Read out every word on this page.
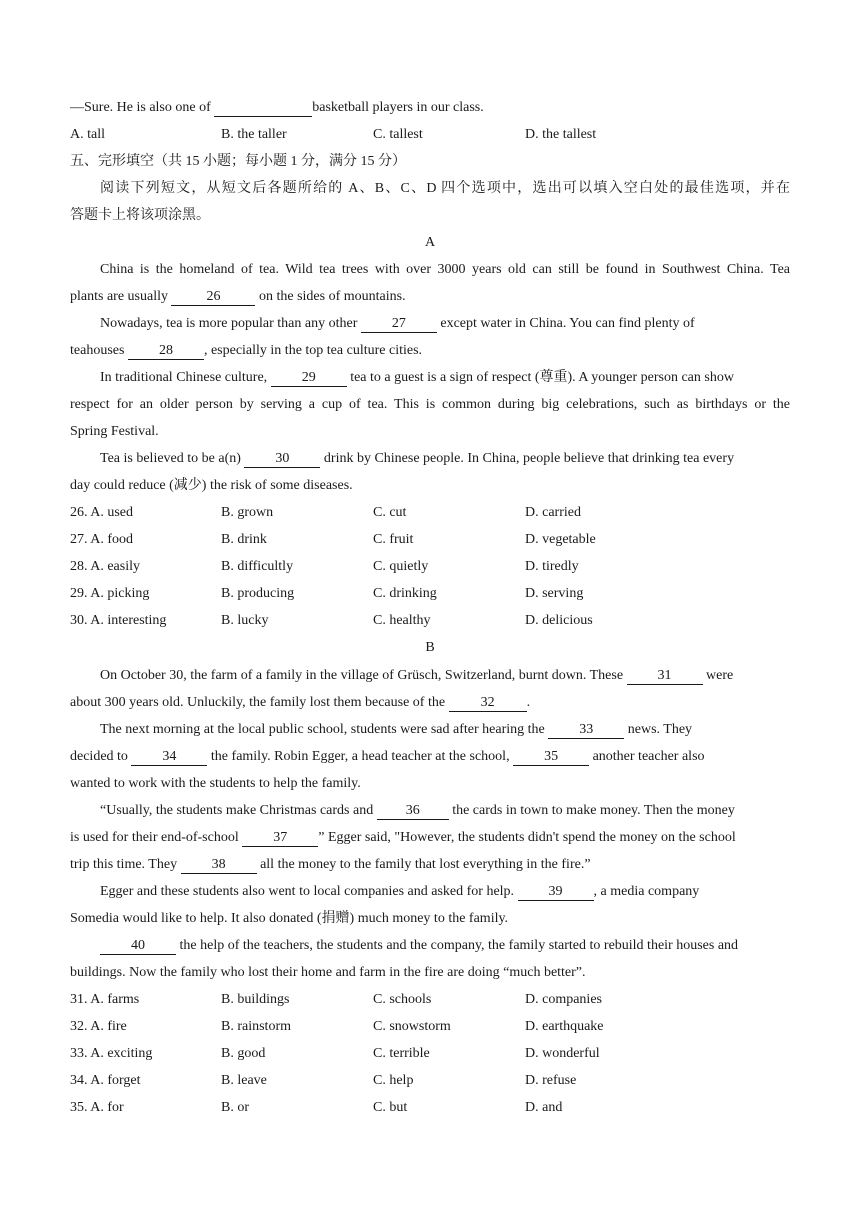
—Sure. He is also one of	basketball players in our class.
A. tall	B. the taller	C. tallest	D. the tallest
五、完形填空（共 15 小题；每小题 1 分，满分 15 分）
阅读下列短文，从短文后各题所给的 A、B、C、D 四个选项中，选出可以填入空白处的最佳选项，并在
答题卡上将该项涂黑。
A
China is the homeland of tea. Wild tea trees with over 3000 years old can still be found in Southwest China. Tea
plants are usually	26	on the sides of mountains.
Nowadays, tea is more popular than any other 27 except water in China. You can find plenty of
teahouses 28 , especially in the top tea culture cities.
In traditional Chinese culture, 29 tea to a guest is a sign of respect (尊重). A younger person can show
respect for an older person by serving a cup of tea. This is common during big celebrations, such as birthdays or the
Spring Festival.
Tea is believed to be a(n) 30 drink by Chinese people. In China, people believe that drinking tea every
day could reduce (减少) the risk of some diseases.
26. A. used	B. grown	C. cut	D. carried
27. A. food	B. drink	C. fruit	D. vegetable
28. A. easily	B. difficultly	C. quietly	D. tiredly
29. A. picking	B. producing	C. drinking	D. serving
30. A. interesting	B. lucky	C. healthy	D. delicious
B
On October 30, the farm of a family in the village of Grüsch, Switzerland, burnt down. These 31 were
about 300 years old. Unluckily, the family lost them because of the 32 .
The next morning at the local public school, students were sad after hearing the 33 news. They
decided to 34 the family. Robin Egger, a head teacher at the school, 35 another teacher also
wanted to work with the students to help the family.
“Usually, the students make Christmas cards and 36 the cards in town to make money. Then the money
is used for their end-of-school 37 ” Egger said, "However, the students didn't spend the money on the school
trip this time. They 38 all the money to the family that lost everything in the fire.”
Egger and these students also went to local companies and asked for help. 39 , a media company
Somedia would like to help. It also donated (捐赠) much money to the family.
40 the help of the teachers, the students and the company, the family started to rebuild their houses and
buildings. Now the family who lost their home and farm in the fire are doing “much better”.
31. A. farms	B. buildings	C. schools	D. companies
32. A. fire	B. rainstorm	C. snowstorm	D. earthquake
33. A. exciting	B. good	C. terrible	D. wonderful
34. A. forget	B. leave	C. help	D. refuse
35. A. for	B. or	C. but	D. and
